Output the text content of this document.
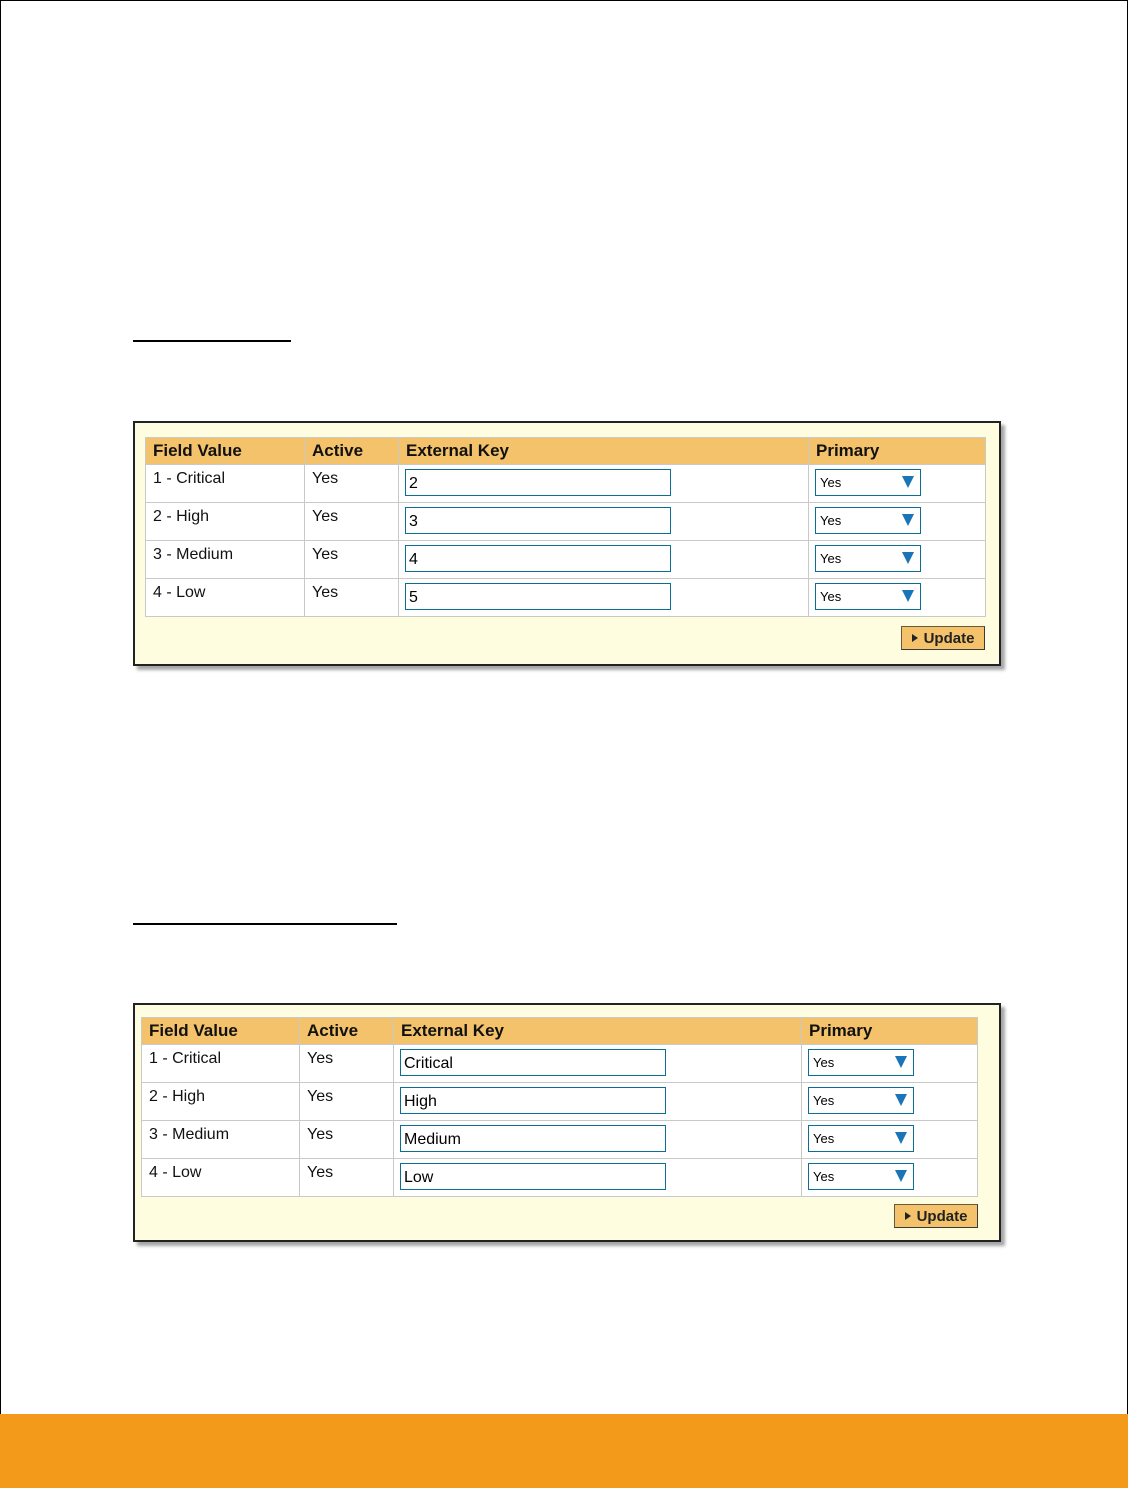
Field Value	Active	External Key	Primary
1 - Critical	Yes	2	Yes

2 - High	Yes	3	Yes

3 - Medium	Yes	4	Yes

4 - Low	Yes	5	Yes
Update
Field Value	Active	External Key	Primary
1 - Critical	Yes	Critical	Yes

2 - High	Yes	High	Yes

3 - Medium	Yes	Medium	Yes

4 - Low	Yes	Low	Yes
Update
